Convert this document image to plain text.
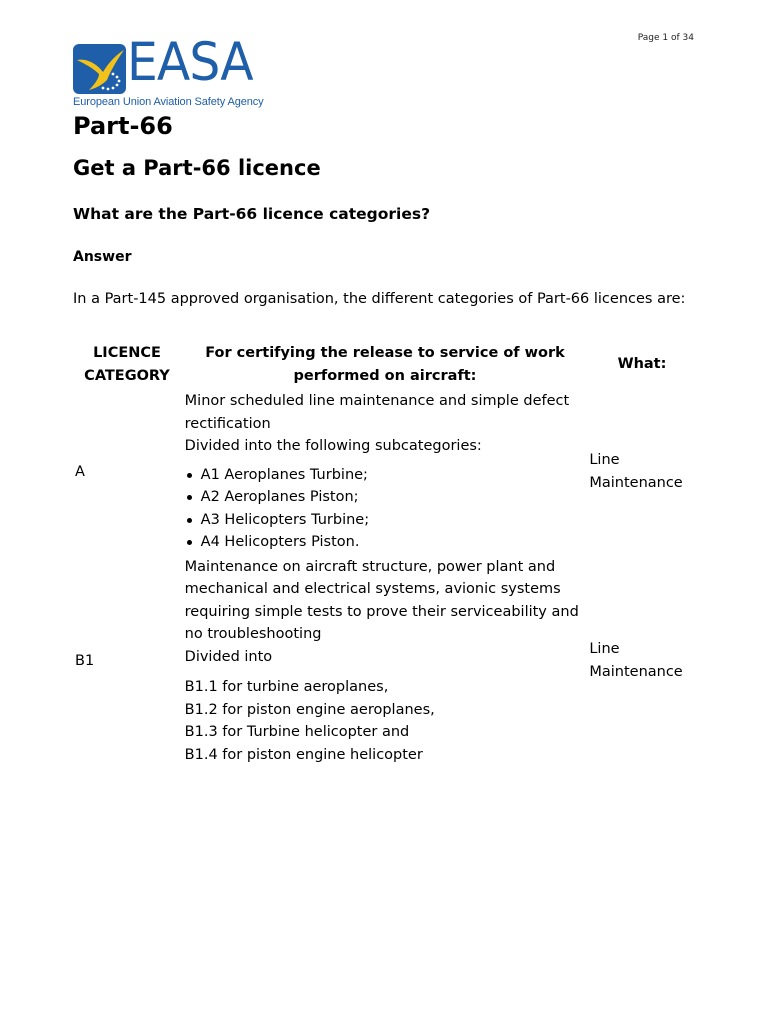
Page 1 of 34
EASA
European Union Aviation Safety Agency
Part-66
Get a Part-66 licence
What are the Part-66 licence categories?
Answer
In a Part-145 approved organisation, the different categories of Part-66 licences are:
LICENCE
CATEGORY
For certifying the release to service of work performed on aircraft:
What:
A
Minor scheduled line maintenance and simple defect rectification
Divided into the following subcategories:
A1 Aeroplanes Turbine;
A2 Aeroplanes Piston;
A3 Helicopters Turbine;
A4 Helicopters Piston.
Line
Maintenance
B1
Maintenance on aircraft structure, power plant and mechanical and electrical systems, avionic systems requiring simple tests to prove their serviceability and no troubleshooting
Divided into
B1.1 for turbine aeroplanes,
B1.2 for piston engine aeroplanes,
B1.3 for Turbine helicopter and
B1.4 for piston engine helicopter
Line
Maintenance
